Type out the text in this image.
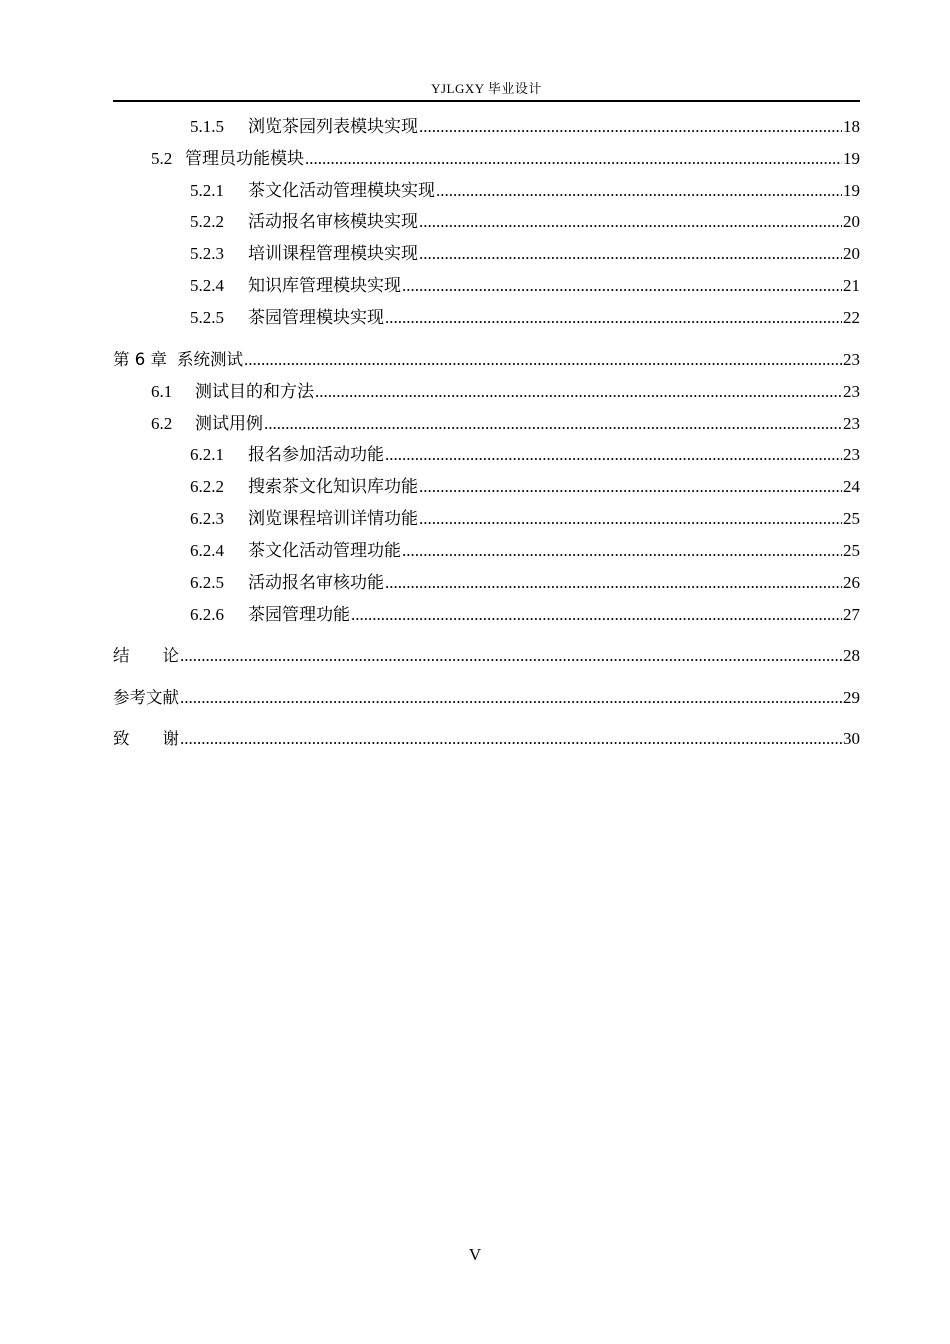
YJLGXY 毕业设计
5.1.5	浏览茶园列表模块实现 .....	18
5.2 管理员功能模块 .....	19
5.2.1	茶文化活动管理模块实现 .....	19
5.2.2	活动报名审核模块实现 .....	20
5.2.3	培训课程管理模块实现 .....	20
5.2.4	知识库管理模块实现 .....	21
5.2.5	茶园管理模块实现 .....	22
第 6 章 系统测试 .....	23
6.1	测试目的和方法 .....	23
6.2	测试用例 .....	23
6.2.1	报名参加活动功能 .....	23
6.2.2	搜索茶文化知识库功能 .....	24
6.2.3	浏览课程培训详情功能 .....	25
6.2.4	茶文化活动管理功能 .....	25
6.2.5	活动报名审核功能 .....	26
6.2.6	茶园管理功能 .....	27
结　　论 .....	28
参考文献 .....	29
致　　谢 .....	30
V
